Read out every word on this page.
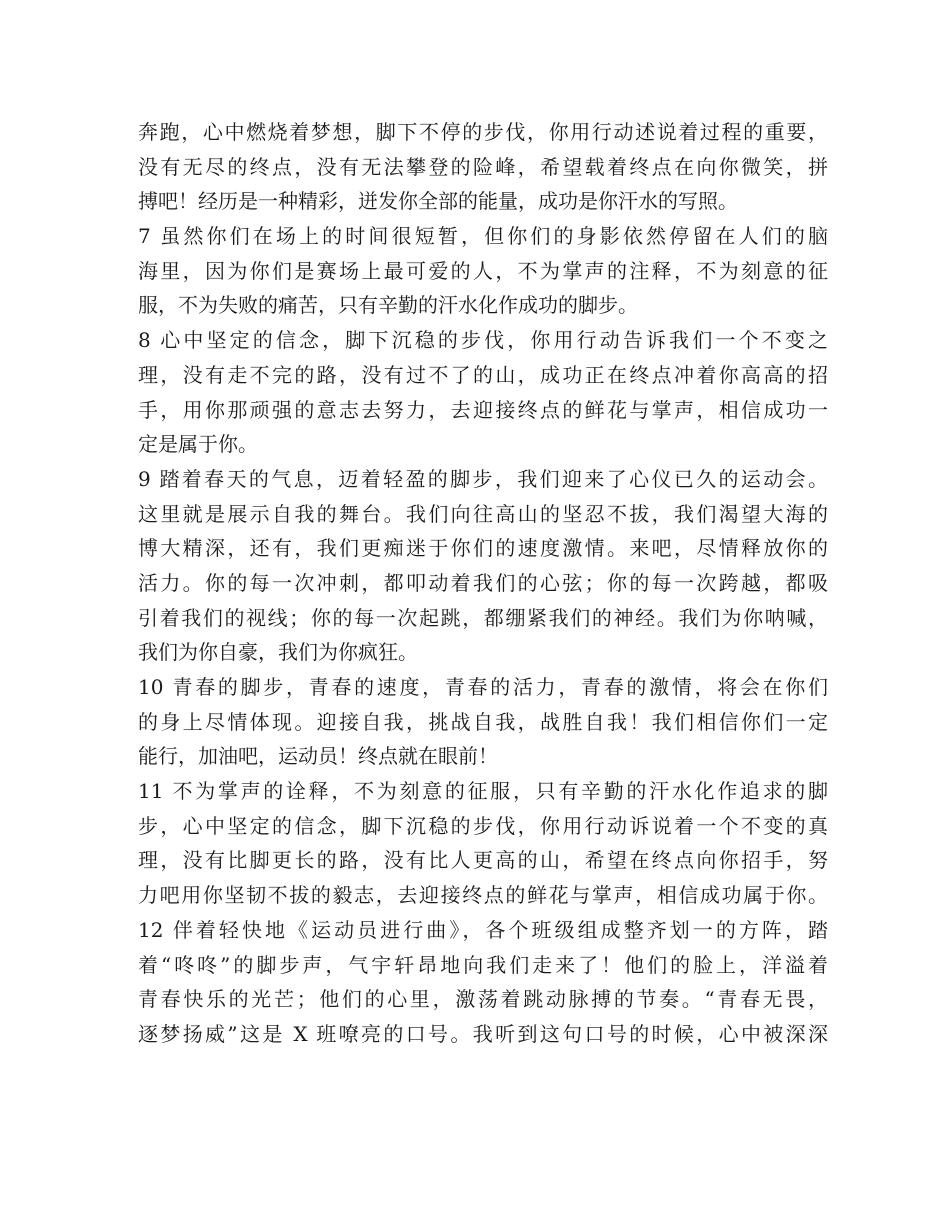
奔跑，心中燃烧着梦想，脚下不停的步伐，你用行动述说着过程的重要，
没有无尽的终点，没有无法攀登的险峰，希望载着终点在向你微笑，拼
搏吧！经历是一种精彩，迸发你全部的能量，成功是你汗水的写照。
7 虽然你们在场上的时间很短暂，但你们的身影依然停留在人们的脑
海里，因为你们是赛场上最可爱的人，不为掌声的注释，不为刻意的征
服，不为失败的痛苦，只有辛勤的汗水化作成功的脚步。
8 心中坚定的信念，脚下沉稳的步伐，你用行动告诉我们一个不变之
理，没有走不完的路，没有过不了的山，成功正在终点冲着你高高的招
手，用你那顽强的意志去努力，去迎接终点的鲜花与掌声，相信成功一
定是属于你。
9 踏着春天的气息，迈着轻盈的脚步，我们迎来了心仪已久的运动会。
这里就是展示自我的舞台。我们向往高山的坚忍不拔，我们渴望大海的
博大精深，还有，我们更痴迷于你们的速度激情。来吧，尽情释放你的
活力。你的每一次冲刺，都叩动着我们的心弦；你的每一次跨越，都吸
引着我们的视线；你的每一次起跳，都绷紧我们的神经。我们为你呐喊，
我们为你自豪，我们为你疯狂。
10 青春的脚步，青春的速度，青春的活力，青春的激情，将会在你们
的身上尽情体现。迎接自我，挑战自我，战胜自我！我们相信你们一定
能行，加油吧，运动员！终点就在眼前！
11 不为掌声的诠释，不为刻意的征服，只有辛勤的汗水化作追求的脚
步，心中坚定的信念，脚下沉稳的步伐，你用行动诉说着一个不变的真
理，没有比脚更长的路，没有比人更高的山，希望在终点向你招手，努
力吧用你坚韧不拔的毅志，去迎接终点的鲜花与掌声，相信成功属于你。
12 伴着轻快地《运动员进行曲》，各个班级组成整齐划一的方阵，踏
着“咚咚”的脚步声，气宇轩昂地向我们走来了！他们的脸上，洋溢着
青春快乐的光芒；他们的心里，激荡着跳动脉搏的节奏。“青春无畏，
逐梦扬威”这是 X 班嘹亮的口号。我听到这句口号的时候，心中被深深
